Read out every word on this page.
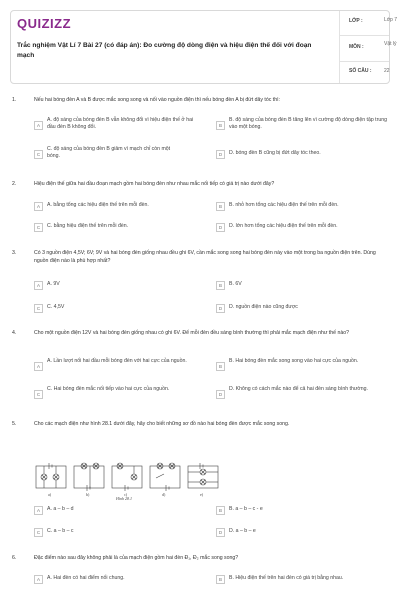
QUIZIZZ
Trắc nghiệm Vật Lí 7 Bài 27 (có đáp án): Đo cường độ dòng điện và hiệu điện thế đối với đoạn mạch
LỚP :	Lớp 7
MÔN :	Vật lý
SỐ CÂU :	22
1.	Nếu hai bóng đèn A và B được mắc song song và nối vào nguồn điện thì nếu bóng đèn A bị đứt dây tóc thì:
A
A. độ sáng của bóng đèn B vẫn không đổi vì hiệu điện thế ở hai đầu đèn B không đổi.	B
B. độ sáng của bóng đèn B tăng lên vì cường độ dòng điện tập trung vào một bóng.
C
C. độ sáng của bóng đèn B giảm vì mạch chỉ còn một bóng.	D	D. bóng đèn B cũng bị đứt dây tóc theo.
2.	Hiệu điện thế giữa hai đầu đoạn mạch gồm hai bóng đèn như nhau mắc nối tiếp có giá trị nào dưới đây?
A	A. bằng tổng các hiệu điện thế trên mỗi đèn.	B	B. nhỏ hơn tổng các hiệu điện thế trên mỗi đèn.
C	C. bằng hiệu điện thế trên mỗi đèn.	D	D. lớn hơn tổng các hiệu điện thế trên mỗi đèn.
3.	Có 3 nguồn điện 4,5V; 6V; 9V và hai bóng đèn giống nhau đều ghi 6V, cần mắc song song hai bóng đèn này vào một trong ba nguồn điện trên. Dùng nguồn điện nào là phù hợp nhất?
A	A. 9V	B	B. 6V
C	C. 4,5V	D	D. nguồn điện nào cũng được
4.	Cho một nguồn điện 12V và hai bóng đèn giống nhau có ghi 6V. Để mỗi đèn đều sáng bình thường thì phải mắc mạch điện như thế nào?
A
A. Lần lượt nối hai đầu mỗi bóng đèn với hai cực của nguồn.
B
B. Hai bóng đèn mắc song song vào hai cực của nguồn.
C
C. Hai bóng đèn mắc nối tiếp vào hai cực của nguồn.
D
D. Không có cách mắc nào để cả hai đèn sáng bình thường.
5.	Cho các mạch điện như hình 28.1 dưới đây, hãy cho biết những sơ đồ nào hai bóng đèn được mắc song song.
a)	b)	c)	d)	e)
Hình 28.1
A	A. a – b – d	B	B. a – b – c - e
C	C. a – b – c	D	D. a – b – e
6.	Đặc điểm nào sau đây không phải là của mạch điện gồm hai đèn Đ₁, Đ₂ mắc song song?
A	A. Hai đèn có hai điểm nối chung.	B	B. Hiệu điện thế trên hai đèn có giá trị bằng nhau.
